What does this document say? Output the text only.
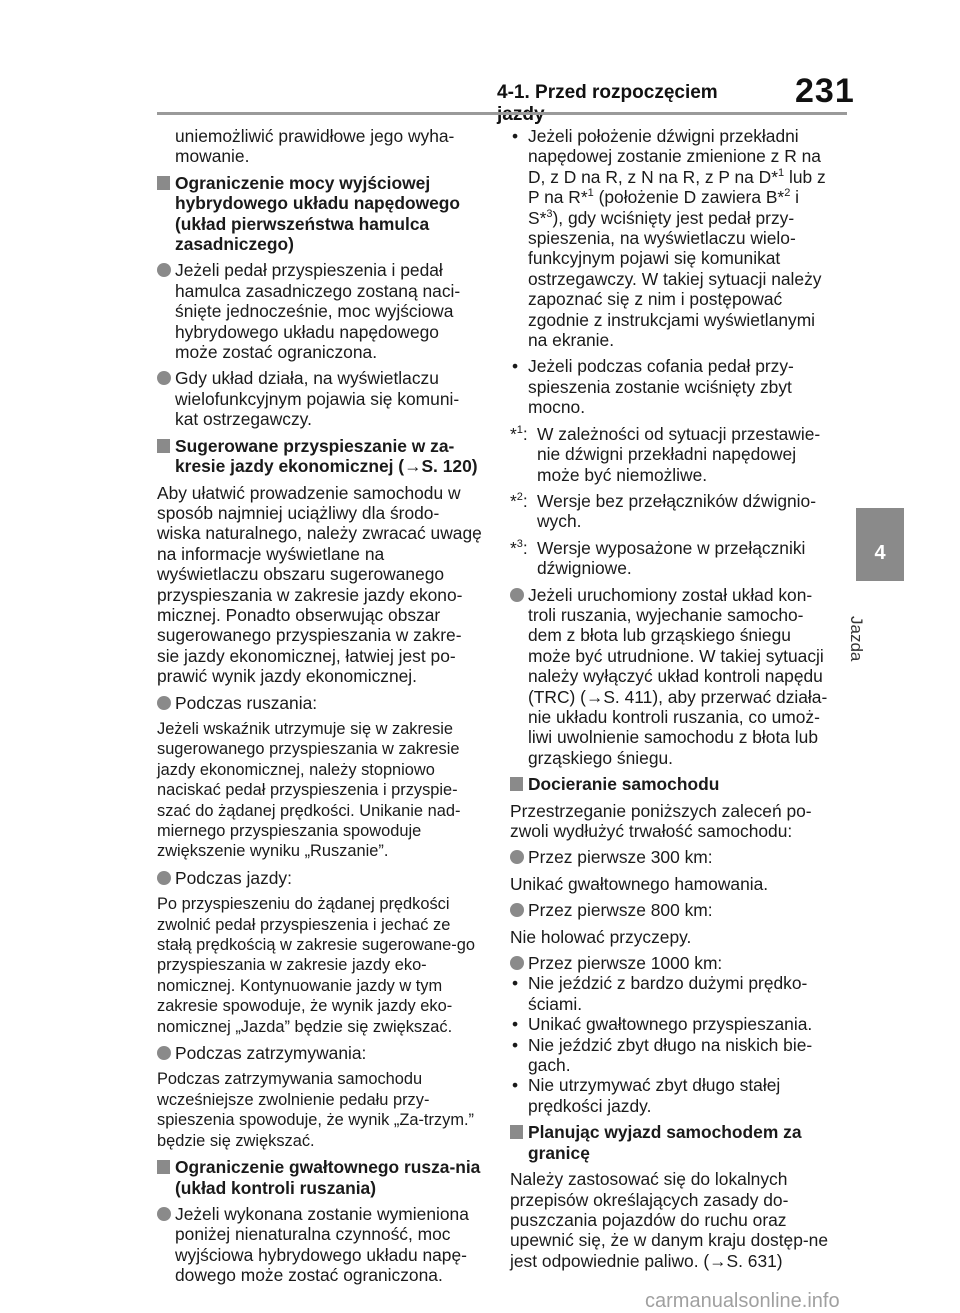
4-1. Przed rozpoczęciem	231
4
Jazda
uniemożliwić prawidłowe jego wyha-mowanie.
Ograniczenie mocy wyjściowej hybrydowego układu napędowego (układ pierwszeństwa hamulca zasadniczego)
Jeżeli pedał przyspieszenia i pedał hamulca zasadniczego zostaną naci-śnięte jednocześnie, moc wyjściowa hybrydowego układu napędowego może zostać ograniczona.
Gdy układ działa, na wyświetlaczu wielofunkcyjnym pojawia się komuni-kat ostrzegawczy.
Sugerowane przyspieszanie w za-kresie jazdy ekonomicznej (→S. 120)
Aby ułatwić prowadzenie samochodu w sposób najmniej uciążliwy dla środo-wiska naturalnego, należy zwracać uwagę na informacje wyświetlane na wyświetlaczu obszaru sugerowanego przyspieszania w zakresie jazdy ekono-micznej. Ponadto obserwując obszar sugerowanego przyspieszania w zakre-sie jazdy ekonomicznej, łatwiej jest po-prawić wynik jazdy ekonomicznej.
Podczas ruszania:
Jeżeli wskaźnik utrzymuje się w zakresie sugerowanego przyspieszania w zakresie jazdy ekonomicznej, należy stopniowo naciskać pedał przyspieszenia i przyspie-szać do żądanej prędkości. Unikanie nad-miernego przyspieszania spowoduje zwiększenie wyniku „Ruszanie”.
Podczas jazdy:
Po przyspieszeniu do żądanej prędkości zwolnić pedał przyspieszenia i jechać ze stałą prędkością w zakresie sugerowane-go przyspieszania w zakresie jazdy eko-nomicznej. Kontynuowanie jazdy w tym zakresie spowoduje, że wynik jazdy eko-nomicznej „Jazda” będzie się zwiększać.
Podczas zatrzymywania:
Podczas zatrzymywania samochodu wcześniejsze zwolnienie pedału przy-spieszenia spowoduje, że wynik „Za-trzym.” będzie się zwiększać.
Ograniczenie gwałtownego rusza-nia (układ kontroli ruszania)
Jeżeli wykonana zostanie wymieniona poniżej nienaturalna czynność, moc wyjściowa hybrydowego układu napę-dowego może zostać ograniczona.
• Jeżeli położenie dźwigni przekładni napędowej zostanie zmienione z R na D, z D na R, z N na R, z P na D*$^1$ lub z P na R*$^1$ (położenie D zawiera B*$^2$ i S*$^3$), gdy wciśnięty jest pedał przy-spieszenia, na wyświetlaczu wielo-funkcyjnym pojawi się komunikat ostrzegawczy. W takiej sytuacji należy zapoznać się z nim i postępować zgodnie z instrukcjami wyświetlanymi na ekranie.
• Jeżeli podczas cofania pedał przy-spieszenia zostanie wciśnięty zbyt mocno.
*$^1$: W zależności od sytuacji przestawie-nie dźwigni przekładni napędowej może być niemożliwe.
*$^2$: Wersje bez przełączników dźwignio-wych.
*$^3$: Wersje wyposażone w przełączniki dźwigniowe.
Jeżeli uruchomiony został układ kon-troli ruszania, wyjechanie samocho-dem z błota lub grząskiego śniegu może być utrudnione. W takiej sytuacji należy wyłączyć układ kontroli napędu (TRC) (→S. 411), aby przerwać działa-nie układu kontroli ruszania, co umoż-liwi uwolnienie samochodu z błota lub grząskiego śniegu.
Docieranie samochodu
Przestrzeganie poniższych zaleceń po-zwoli wydłużyć trwałość samochodu:
Przez pierwsze 300 km:
Unikać gwałtownego hamowania.
Przez pierwsze 800 km:
Nie holować przyczepy.
Przez pierwsze 1000 km:
• Nie jeździć z bardzo dużymi prędko-ściami.
• Unikać gwałtownego przyspieszania.
• Nie jeździć zbyt długo na niskich bie-gach.
• Nie utrzymywać zbyt długo stałej prędkości jazdy.
Planując wyjazd samochodem za granicę
Należy zastosować się do lokalnych przepisów określających zasady do-puszczania pojazdów do ruchu oraz upewnić się, że w danym kraju dostęp-ne jest odpowiednie paliwo. (→S. 631)
carmanualsonline.info
